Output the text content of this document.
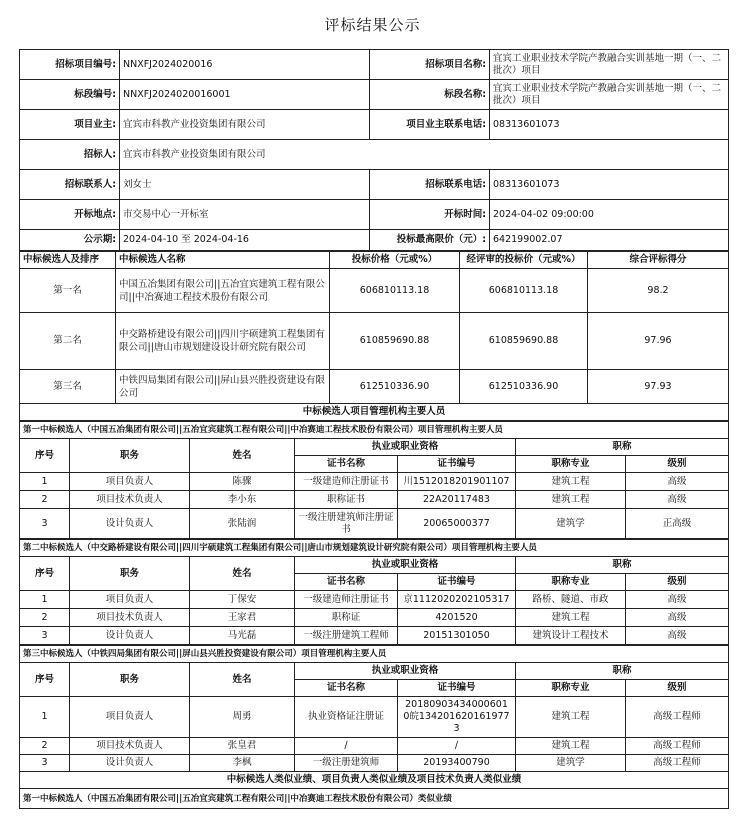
评标结果公示
招标项目编号:	NNXFJ2024020016	招标项目名称:	宜宾工业职业技术学院产教融合实训基地一期（一、二批次）项目
标段编号:	NNXFJ2024020016001	标段名称:	宜宾工业职业技术学院产教融合实训基地一期（一、二批次）项目
项目业主:	宜宾市科教产业投资集团有限公司	项目业主联系电话:	08313601073
招标人:	宜宾市科教产业投资集团有限公司		
招标联系人:	刘女士	招标联系电话:	08313601073
开标地点:	市交易中心一开标室	开标时间:	2024-04-02 09:00:00
公示期:	2024-04-10 至 2024-04-16	投标最高限价（元）:	642199002.07
中标候选人及排序	中标候选人名称	投标价格（元或%）	经评审的投标价（元或%）	综合评标得分
第一名	中国五冶集团有限公司||五冶宜宾建筑工程有限公司||中冶赛迪工程技术股份有限公司	606810113.18	606810113.18	98.2
第二名	中交路桥建设有限公司||四川宇硕建筑工程集团有限公司||唐山市规划建设设计研究院有限公司	610859690.88	610859690.88	97.96
第三名	中铁四局集团有限公司||屏山县兴胜投资建设有限公司	612510336.90	612510336.90	97.93
中标候选人项目管理机构主要人员				
第一中标候选人（中国五冶集团有限公司||五冶宜宾建筑工程有限公司||中冶赛迪工程技术股份有限公司）项目管理机构主要人员						
序号	职务	姓名	执业或职业资格		职称	
			证书名称	证书编号	职称专业	级别
1	项目负责人	陈骤	一级建造师注册证书	川1512018201901107	建筑工程	高级
2	项目技术负责人	李小东	职称证书	22A20117483	建筑工程	高级
3	设计负责人	张陆润	一级注册建筑师注册证书	20065000377	建筑学	正高级
第二中标候选人（中交路桥建设有限公司||四川宇硕建筑工程集团有限公司||唐山市规划建筑设计研究院有限公司）项目管理机构主要人员						
序号	职务	姓名	执业或职业资格		职称	
			证书名称	证书编号	职称专业	级别
1	项目负责人	丁保安	一级建造师注册证书	京1112020202105317	路桥、隧道、市政	高级
2	项目技术负责人	王家君	职称证	4201520	建筑工程	高级
3	设计负责人	马光磊	一级注册建筑工程师	20151301050	建筑设计工程技术	高级
第三中标候选人（中铁四局集团有限公司||屏山县兴胜投资建设有限公司）项目管理机构主要人员						
序号	职务	姓名	执业或职业资格		职称	
			证书名称	证书编号	职称专业	级别
1	项目负责人	周勇	执业资格证注册证	20180903434000601 0皖1342016201619773	建筑工程	高级工程师
2	项目技术负责人	张皇君	/	/	建筑工程	高级工程师
3	设计负责人	李枫	一级注册建筑师	20193400790	建筑学	高级工程师
中标候选人类似业绩、项目负责人类似业绩及项目技术负责人类似业绩						
第一中标候选人（中国五冶集团有限公司||五冶宜宾建筑工程有限公司||中冶赛迪工程技术股份有限公司）类似业绩						
